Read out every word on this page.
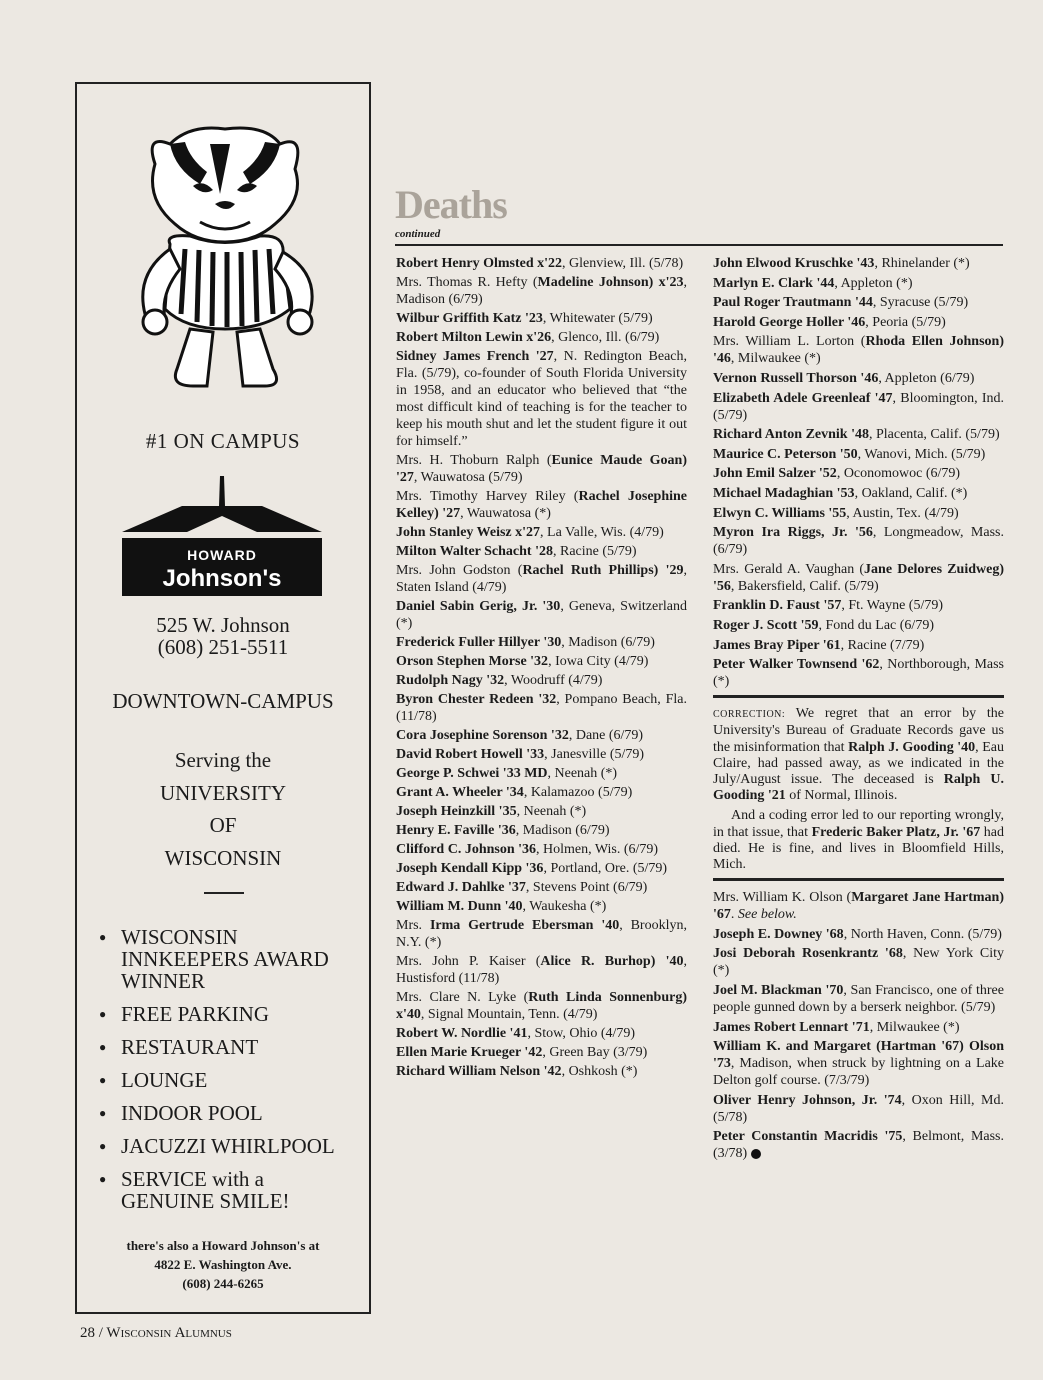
#1 ON CAMPUS
HOWARD
Johnson's
525 W. Johnson
(608) 251-5511
DOWNTOWN-CAMPUS
Serving the
UNIVERSITY
OF
WISCONSIN
● WISCONSIN INNKEEPERS AWARD WINNER
● FREE PARKING
● RESTAURANT
● LOUNGE
● INDOOR POOL
● JACUZZI WHIRLPOOL
● SERVICE with a GENUINE SMILE!
there's also a Howard Johnson's at
4822 E. Washington Ave.
(608) 244-6265
Deaths
continued
Robert Henry Olmsted x'22, Glenview, Ill. (5/78)
Mrs. Thomas R. Hefty (Madeline Johnson) x'23, Madison (6/79)
Wilbur Griffith Katz '23, Whitewater (5/79)
Robert Milton Lewin x'26, Glenco, Ill. (6/79)
Sidney James French '27, N. Redington Beach, Fla. (5/79), co-founder of South Florida University in 1958, and an educator who believed that “the most difficult kind of teaching is for the teacher to keep his mouth shut and let the student figure it out for himself.”
Mrs. H. Thoburn Ralph (Eunice Maude Goan) '27, Wauwatosa (5/79)
Mrs. Timothy Harvey Riley (Rachel Josephine Kelley) '27, Wauwatosa (*)
John Stanley Weisz x'27, La Valle, Wis. (4/79)
Milton Walter Schacht '28, Racine (5/79)
Mrs. John Godston (Rachel Ruth Phillips) '29, Staten Island (4/79)
Daniel Sabin Gerig, Jr. '30, Geneva, Switzerland (*)
Frederick Fuller Hillyer '30, Madison (6/79)
Orson Stephen Morse '32, Iowa City (4/79)
Rudolph Nagy '32, Woodruff (4/79)
Byron Chester Redeen '32, Pompano Beach, Fla. (11/78)
Cora Josephine Sorenson '32, Dane (6/79)
David Robert Howell '33, Janesville (5/79)
George P. Schwei '33 MD, Neenah (*)
Grant A. Wheeler '34, Kalamazoo (5/79)
Joseph Heinzkill '35, Neenah (*)
Henry E. Faville '36, Madison (6/79)
Clifford C. Johnson '36, Holmen, Wis. (6/79)
Joseph Kendall Kipp '36, Portland, Ore. (5/79)
Edward J. Dahlke '37, Stevens Point (6/79)
William M. Dunn '40, Waukesha (*)
Mrs. Irma Gertrude Ebersman '40, Brooklyn, N.Y. (*)
Mrs. John P. Kaiser (Alice R. Burhop) '40, Hustisford (11/78)
Mrs. Clare N. Lyke (Ruth Linda Sonnenburg) x'40, Signal Mountain, Tenn. (4/79)
Robert W. Nordlie '41, Stow, Ohio (4/79)
Ellen Marie Krueger '42, Green Bay (3/79)
Richard William Nelson '42, Oshkosh (*)
John Elwood Kruschke '43, Rhinelander (*)
Marlyn E. Clark '44, Appleton (*)
Paul Roger Trautmann '44, Syracuse (5/79)
Harold George Holler '46, Peoria (5/79)
Mrs. William L. Lorton (Rhoda Ellen Johnson) '46, Milwaukee (*)
Vernon Russell Thorson '46, Appleton (6/79)
Elizabeth Adele Greenleaf '47, Bloomington, Ind. (5/79)
Richard Anton Zevnik '48, Placenta, Calif. (5/79)
Maurice C. Peterson '50, Wanovi, Mich. (5/79)
John Emil Salzer '52, Oconomowoc (6/79)
Michael Madaghian '53, Oakland, Calif. (*)
Elwyn C. Williams '55, Austin, Tex. (4/79)
Myron Ira Riggs, Jr. '56, Longmeadow, Mass. (6/79)
Mrs. Gerald A. Vaughan (Jane Delores Zuidweg) '56, Bakersfield, Calif. (5/79)
Franklin D. Faust '57, Ft. Wayne (5/79)
Roger J. Scott '59, Fond du Lac (6/79)
James Bray Piper '61, Racine (7/79)
Peter Walker Townsend '62, Northborough, Mass (*)

CORRECTION: We regret that an error by the University's Bureau of Graduate Records gave us the misinformation that Ralph J. Gooding '40, Eau Claire, had passed away, as we indicated in the July/August issue. The deceased is Ralph U. Gooding '21 of Normal, Illinois.

And a coding error led to our reporting wrongly, in that issue, that Frederic Baker Platz, Jr. '67 had died. He is fine, and lives in Bloomfield Hills, Mich.

Mrs. William K. Olson (Margaret Jane Hartman) '67. See below.
Joseph E. Downey '68, North Haven, Conn. (5/79)
Josi Deborah Rosenkrantz '68, New York City (*)
Joel M. Blackman '70, San Francisco, one of three people gunned down by a berserk neighbor. (5/79)
James Robert Lennart '71, Milwaukee (*)
William K. and Margaret (Hartman '67) Olson '73, Madison, when struck by lightning on a Lake Delton golf course. (7/3/79)
Oliver Henry Johnson, Jr. '74, Oxon Hill, Md. (5/78)
Peter Constantin Macridis '75, Belmont, Mass. (3/78)
28 / WISCONSIN ALUMNUS
